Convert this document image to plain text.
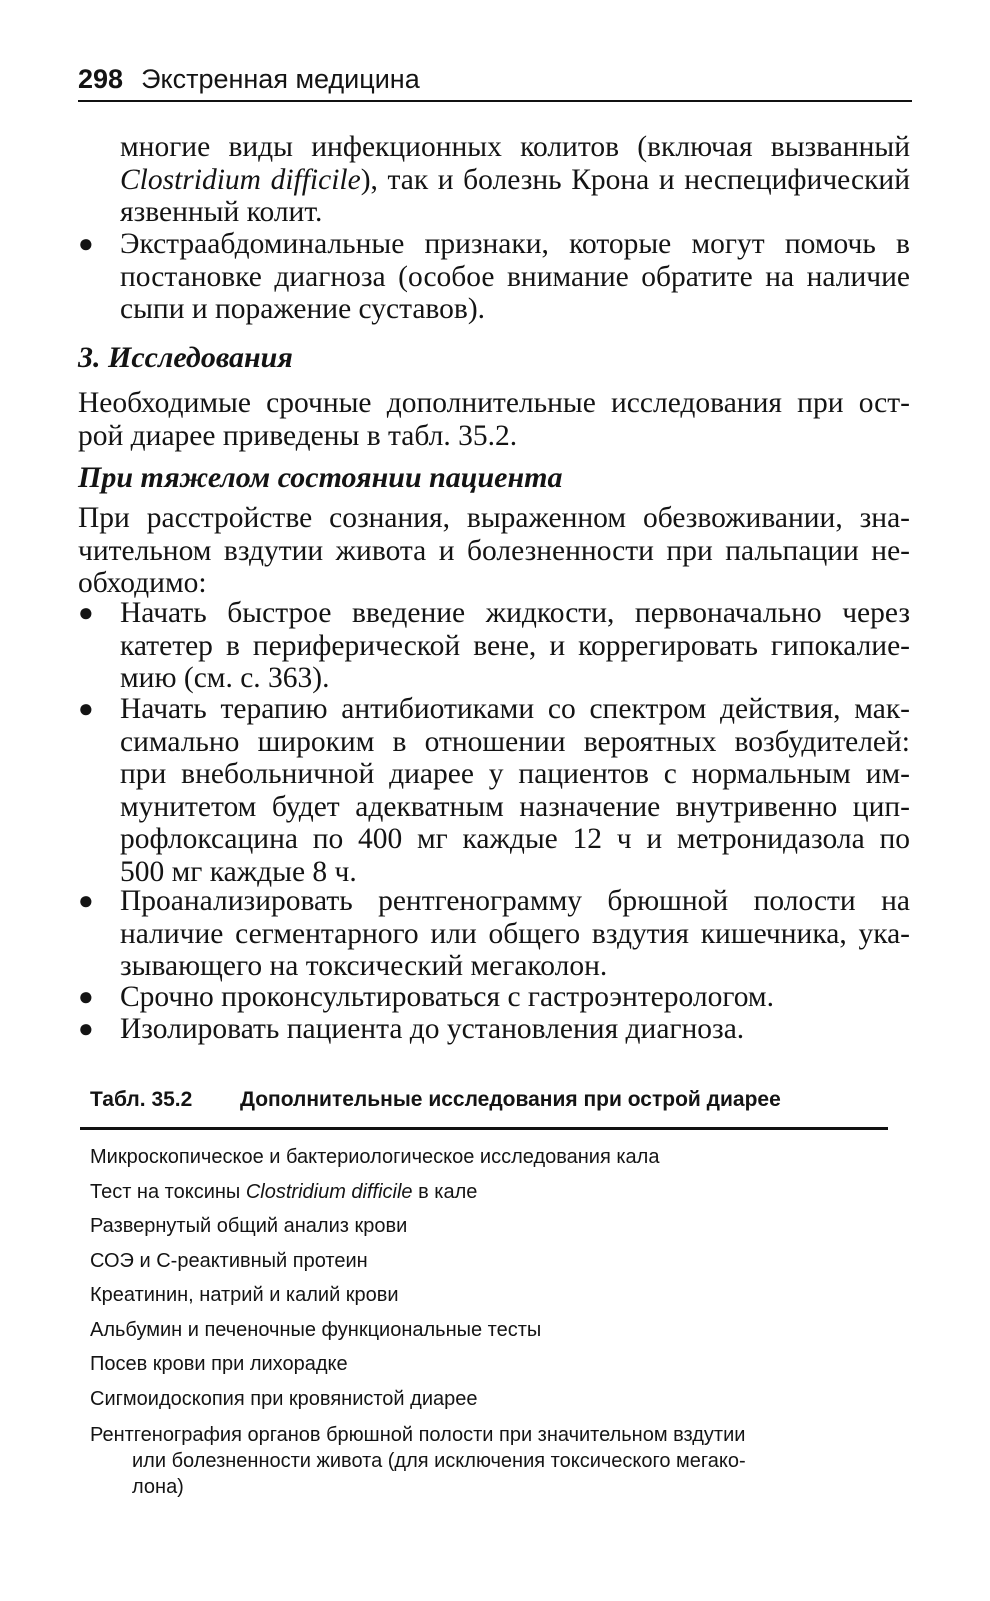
298 Экстренная медицина
многие виды инфекционных колитов (включая вызванный
Clostridium difficile), так и болезнь Крона и неспецифический
язвенный колит.
● Экстраабдоминальные признаки, которые могут помочь в
постановке диагноза (особое внимание обратите на наличие
сыпи и поражение суставов).
3. Исследования
Необходимые срочные дополнительные исследования при ост-
рой диарее приведены в табл. 35.2.
При тяжелом состоянии пациента
При расстройстве сознания, выраженном обезвоживании, зна-
чительном вздутии живота и болезненности при пальпации не-
обходимо:
● Начать быстрое введение жидкости, первоначально через
катетер в периферической вене, и коррегировать гипокалие-
мию (см. с. 363).
● Начать терапию антибиотиками со спектром действия, мак-
симально широким в отношении вероятных возбудителей:
при внебольничной диарее у пациентов с нормальным им-
мунитетом будет адекватным назначение внутривенно цип-
рофлоксацина по 400 мг каждые 12 ч и метронидазола по
500 мг каждые 8 ч.
● Проанализировать рентгенограмму брюшной полости на
наличие сегментарного или общего вздутия кишечника, ука-
зывающего на токсический мегаколон.
● Срочно проконсультироваться с гастроэнтерологом.
● Изолировать пациента до установления диагноза.
Табл. 35.2 Дополнительные исследования при острой диарее
Микроскопическое и бактериологическое исследования кала
Тест на токсины Clostridium difficile в кале
Развернутый общий анализ крови
СОЭ и С-реактивный протеин
Креатинин, натрий и калий крови
Альбумин и печеночные функциональные тесты
Посев крови при лихорадке
Сигмоидоскопия при кровянистой диарее
Рентгенография органов брюшной полости при значительном вздутии
или болезненности живота (для исключения токсического мегако-
лона)
